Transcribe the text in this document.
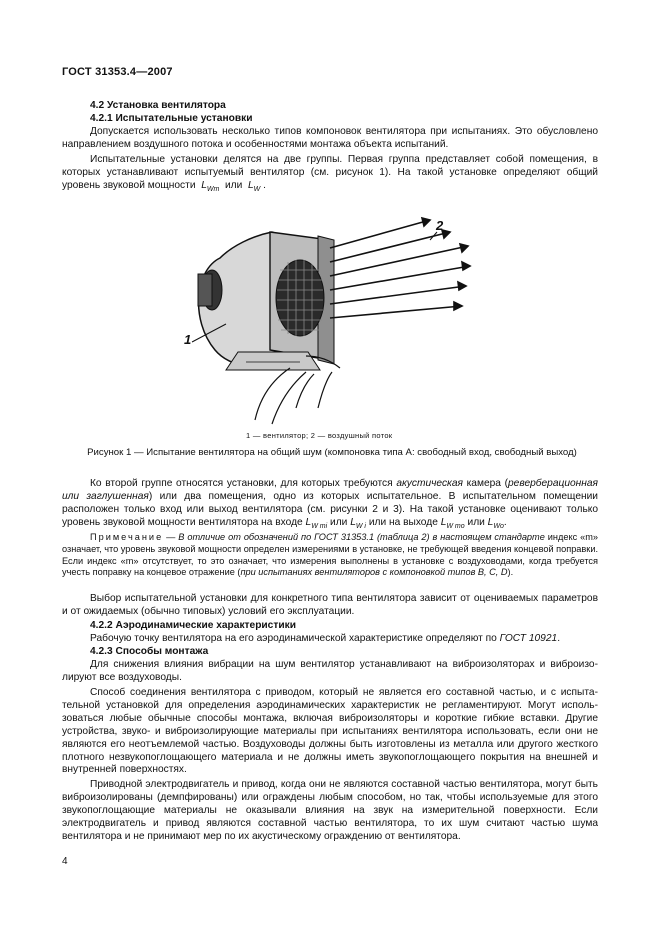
ГОСТ 31353.4—2007
4.2 Установка вентилятора
4.2.1 Испытательные установки

Допускается использовать несколько типов компоновок вентилятора при испытаниях. Это обусловлено направлением воздушного потока и особенностями монтажа объекта испытаний.

Испытательные установки делятся на две группы. Первая группа представляет собой помещения, в которых устанавливают испытуемый вентилятор (см. рисунок 1). На такой установке определяют общий уровень звуковой мощности $L_{Wm}$ или $L_W$ .

1
2
1 — вентилятор; 2 — воздушный поток
Рисунок 1 — Испытание вентилятора на общий шум (компоновка типа А: свободный вход, свободный выход)

Ко второй группе относятся установки, для которых требуются акустическая камера (реверберационная или заглушенная) или два помещения, одно из которых испытательное. В испытательном помещении расположен только вход или выход вентилятора (см. рисунки 2 и 3). На такой установке оценивают только уровень звуковой мощности вентилятора на входе $L_{W mi}$ или $L_{W i}$ или на выходе $L_{W mo}$ или $L_{Wo}$.

Примечание — В отличие от обозначений по ГОСТ 31353.1 (таблица 2) в настоящем стандарте индекс «m» означает, что уровень звуковой мощности определен измерениями в установке, не требующей введения концевой поправки. Если индекс «m» отсутствует, то это означает, что измерения выполнены в установке с воздуховодами, когда требуется учесть поправку на концевое отражение (при испытаниях вентиляторов с компоновкой типов В, С, D).

Выбор испытательной установки для конкретного типа вентилятора зависит от оцениваемых параметров и от ожидаемых (обычно типовых) условий его эксплуатации.

4.2.2 Аэродинамические характеристики

Рабочую точку вентилятора на его аэродинамической характеристике определяют по ГОСТ 10921.

4.2.3 Способы монтажа

Для снижения влияния вибрации на шум вентилятор устанавливают на виброизоляторах и виброизолируют все воздуховоды.

Способ соединения вентилятора с приводом, который не является его составной частью, и с испытательной установкой для определения аэродинамических характеристик не регламентируют. Могут использоваться любые обычные способы монтажа, включая виброизоляторы и короткие гибкие вставки. Другие устройства, звуко- и виброизолирующие материалы при испытаниях вентилятора использовать, если они не являются его неотъемлемой частью. Воздуховоды должны быть изготовлены из металла или другого жесткого плотного незвукопоглощающего материала и не должны иметь звукопоглощающего покрытия на внешней и внутренней поверхностях.

Приводной электродвигатель и привод, когда они не являются составной частью вентилятора, могут быть виброизолированы (демпфированы) или ограждены любым способом, но так, чтобы используемые для этого звукопоглощающие материалы не оказывали влияния на звук на измерительной поверхности. Если электродвигатель и привод являются составной частью вентилятора, то их шум считают частью шума вентилятора и не принимают мер по их акустическому ограждению от вентилятора.

4
